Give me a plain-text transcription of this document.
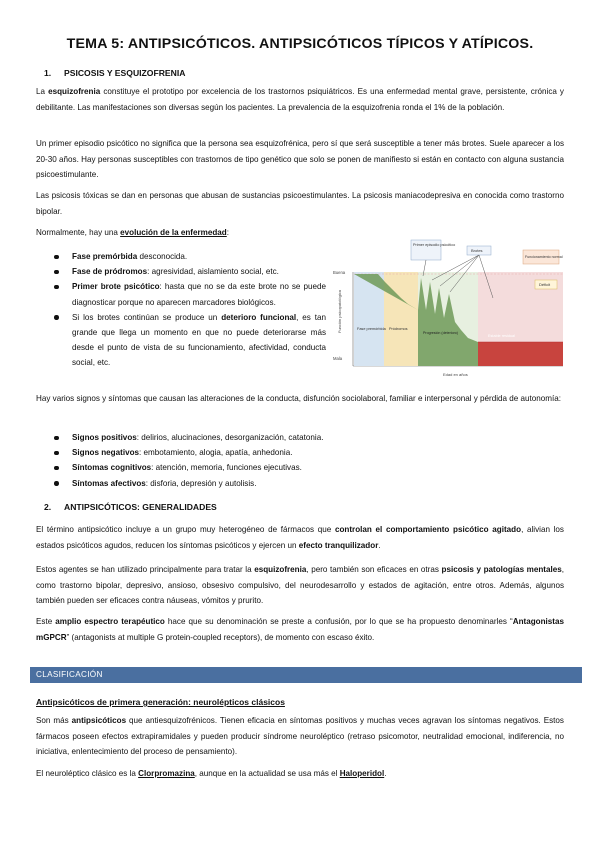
TEMA 5: ANTIPSICÓTICOS. ANTIPSICÓTICOS TÍPICOS Y ATÍPICOS.
1. PSICOSIS Y ESQUIZOFRENIA

La esquizofrenia constituye el prototipo por excelencia de los trastornos psiquiátricos. Es una enfermedad mental grave, persistente, crónica y debilitante. Las manifestaciones son diversas según los pacientes. La prevalencia de la esquizofrenia ronda el 1% de la población.

Un primer episodio psicótico no significa que la persona sea esquizofrénica, pero sí que será susceptible a tener más brotes. Suele aparecer a los 20-30 años. Hay personas susceptibles con trastornos de tipo genético que solo se ponen de manifiesto si están en contacto con alguna sustancia psicoestimulante.

Las psicosis tóxicas se dan en personas que abusan de sustancias psicoestimulantes. La psicosis maniacodepresiva en conocida como trastorno bipolar.

Normalmente, hay una evolución de la enfermedad:

Fase premórbida desconocida.
Fase de pródromos: agresividad, aislamiento social, etc.
Primer brote psicótico: hasta que no se da este brote no se puede diagnosticar porque no aparecen marcadores biológicos.
Si los brotes continúan se produce un deterioro funcional, es tan grande que llega un momento en que no puede deteriorarse más desde el punto de vista de su funcionamiento, afectividad, conducta social, etc.
Función psicopatológica
Buena
Mala
Primer episodio psicótico
Brotes
Funcionamiento normal
Déficit
Fase premórbida Pródromos
Progresión (deterioro)
Estable residual
Edad en años

Hay varios signos y síntomas que causan las alteraciones de la conducta, disfunción sociolaboral, familiar e interpersonal y pérdida de autonomía:

Signos positivos: delirios, alucinaciones, desorganización, catatonia.
Signos negativos: embotamiento, alogia, apatía, anhedonia.
Síntomas cognitivos: atención, memoria, funciones ejecutivas.
Síntomas afectivos: disforia, depresión y autolisis.
2. ANTIPSICÓTICOS: GENERALIDADES

El término antipsicótico incluye a un grupo muy heterogéneo de fármacos que controlan el comportamiento psicótico agitado, alivian los estados psicóticos agudos, reducen los síntomas psicóticos y ejercen un efecto tranquilizador.

Estos agentes se han utilizado principalmente para tratar la esquizofrenia, pero también son eficaces en otras psicosis y patologías mentales, como trastorno bipolar, depresivo, ansioso, obsesivo compulsivo, del neurodesarrollo y estados de agitación, entre otros. Además, algunos también pueden ser eficaces contra náuseas, vómitos y prurito.

Este amplio espectro terapéutico hace que su denominación se preste a confusión, por lo que se ha propuesto denominarles “Antagonistas mGPCR” (antagonists at multiple G protein-coupled receptors), de momento con escaso éxito.

CLASIFICACIÓN
Antipsicóticos de primera generación: neurolépticos clásicos

Son más antipsicóticos que antiesquizofrénicos. Tienen eficacia en síntomas positivos y muchas veces agravan los síntomas negativos. Estos fármacos poseen efectos extrapiramidales y pueden producir síndrome neuroléptico (retraso psicomotor, neutralidad emocional, indiferencia, no iniciativa, enlentecimiento del proceso de pensamiento).

El neuroléptico clásico es la Clorpromazina, aunque en la actualidad se usa más el Haloperidol.
